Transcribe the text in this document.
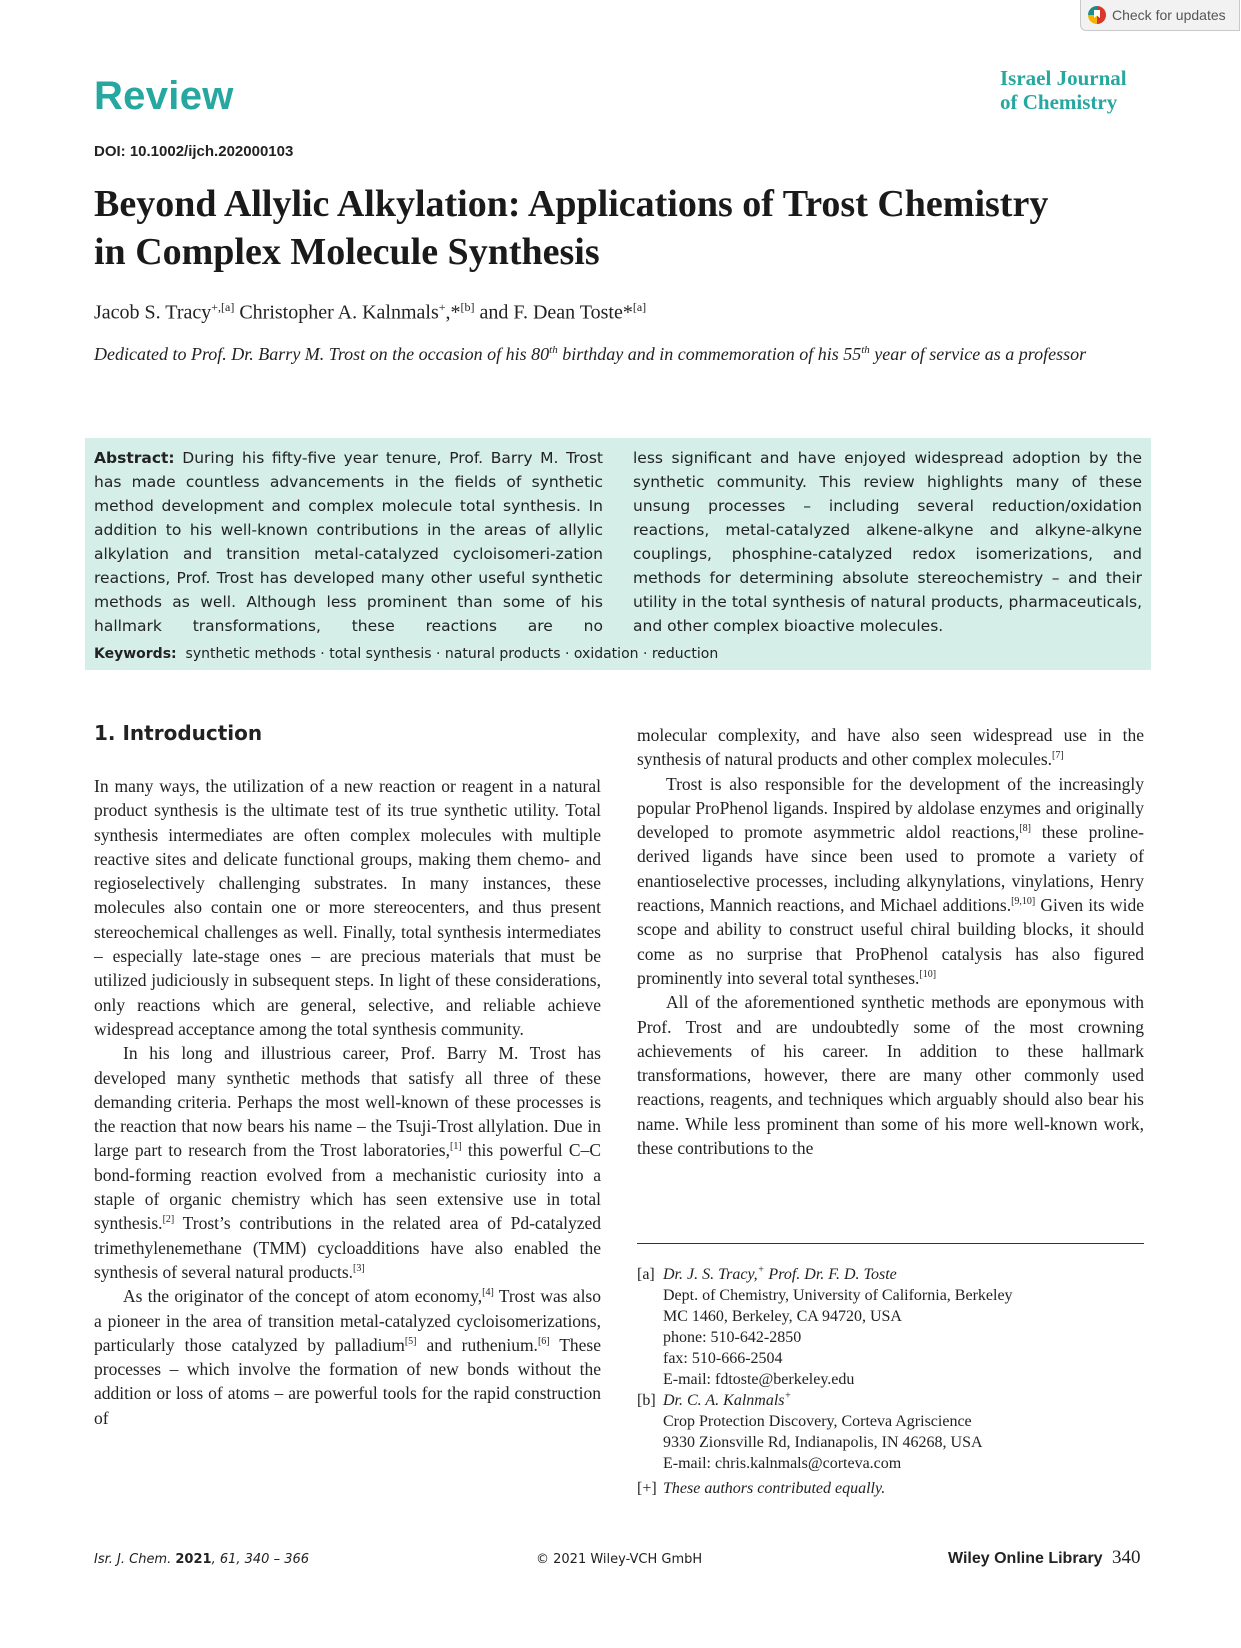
Check for updates
Review	Israel Journal
of Chemistry
DOI: 10.1002/ijch.202000103
Beyond Allylic Alkylation: Applications of Trost Chemistry
in Complex Molecule Synthesis
Jacob S. Tracy$^{+,[a]}$ Christopher A. Kalnmals+,*[b] and F. Dean Toste*[a]
Dedicated to Prof. Dr. Barry M. Trost on the occasion of his 80th birthday and in commemoration of his 55th year of service as a professor
Abstract: During his fifty-five year tenure, Prof. Barry M. Trost has made countless advancements in the fields of synthetic method development and complex molecule total synthesis. In addition to his well-known contributions in the areas of allylic alkylation and transition metal-catalyzed cycloisomeri-zation reactions, Prof. Trost has developed many other useful synthetic methods as well. Although less prominent than some of his hallmark transformations, these reactions are no
less significant and have enjoyed widespread adoption by the synthetic community. This review highlights many of these unsung processes – including several reduction/oxidation reactions, metal-catalyzed alkene-alkyne and alkyne-alkyne couplings, phosphine-catalyzed redox isomerizations, and methods for determining absolute stereochemistry – and their utility in the total synthesis of natural products, pharmaceuticals, and other complex bioactive molecules.
Keywords: synthetic methods · total synthesis · natural products · oxidation · reduction
1. Introduction

In many ways, the utilization of a new reaction or reagent in a natural product synthesis is the ultimate test of its true synthetic utility. Total synthesis intermediates are often complex molecules with multiple reactive sites and delicate functional groups, making them chemo- and regioselectively challenging substrates. In many instances, these molecules also contain one or more stereocenters, and thus present stereochemical challenges as well. Finally, total synthesis intermediates – especially late-stage ones – are precious materials that must be utilized judiciously in subsequent steps. In light of these considerations, only reactions which are general, selective, and reliable achieve widespread acceptance among the total synthesis community.

In his long and illustrious career, Prof. Barry M. Trost has developed many synthetic methods that satisfy all three of these demanding criteria. Perhaps the most well-known of these processes is the reaction that now bears his name – the Tsuji-Trost allylation. Due in large part to research from the Trost laboratories,[1] this powerful C–C bond-forming reaction evolved from a mechanistic curiosity into a staple of organic chemistry which has seen extensive use in total synthesis.[2] Trost’s contributions in the related area of Pd-catalyzed trimethylenemethane (TMM) cycloadditions have also enabled the synthesis of several natural products.[3]

As the originator of the concept of atom economy,[4] Trost was also a pioneer in the area of transition metal-catalyzed cycloisomerizations, particularly those catalyzed by palladium[5] and ruthenium.[6] These processes – which involve the formation of new bonds without the addition or loss of atoms – are powerful tools for the rapid construction of

molecular complexity, and have also seen widespread use in the synthesis of natural products and other complex molecules.[7]

Trost is also responsible for the development of the increasingly popular ProPhenol ligands. Inspired by aldolase enzymes and originally developed to promote asymmetric aldol reactions,[8] these proline-derived ligands have since been used to promote a variety of enantioselective processes, including alkynylations, vinylations, Henry reactions, Mannich reactions, and Michael additions.[9,10] Given its wide scope and ability to construct useful chiral building blocks, it should come as no surprise that ProPhenol catalysis has also figured prominently into several total syntheses.[10]

All of the aforementioned synthetic methods are eponymous with Prof. Trost and are undoubtedly some of the most crowning achievements of his career. In addition to these hallmark transformations, however, there are many other commonly used reactions, reagents, and techniques which arguably should also bear his name. While less prominent than some of his more well-known work, these contributions to the

[a] Dr. J. S. Tracy,+ Prof. Dr. F. D. Toste
Dept. of Chemistry, University of California, Berkeley
MC 1460, Berkeley, CA 94720, USA
phone: 510-642-2850
fax: 510-666-2504
E-mail: fdtoste@berkeley.edu
[b] Dr. C. A. Kalnmals+
Crop Protection Discovery, Corteva Agriscience
9330 Zionsville Rd, Indianapolis, IN 46268, USA
E-mail: chris.kalnmals@corteva.com
[+] These authors contributed equally.
Isr. J. Chem. 2021, 61, 340 – 366	© 2021 Wiley-VCH GmbH	Wiley Online Library 340
